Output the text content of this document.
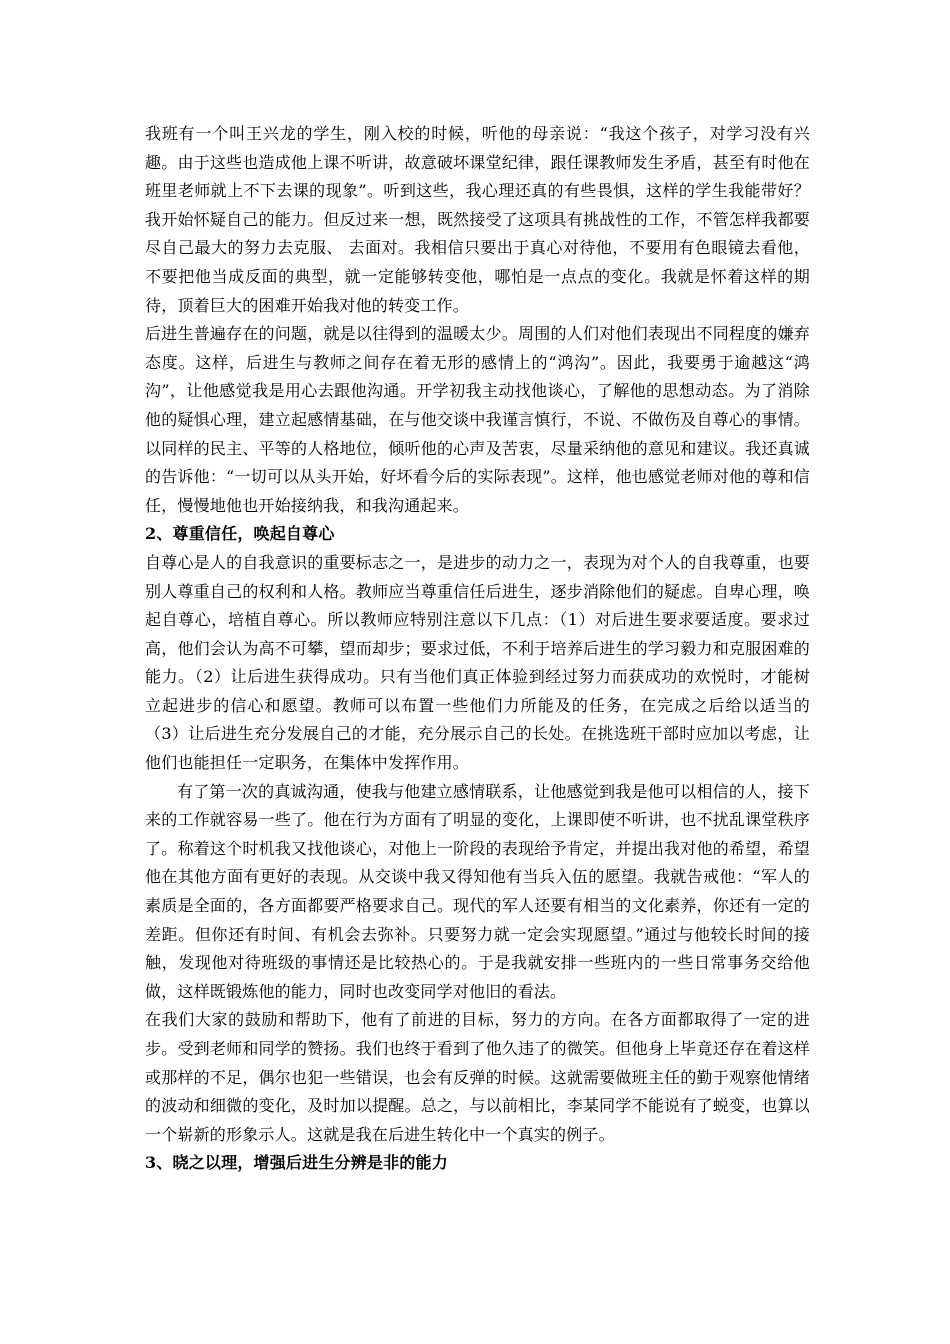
我班有一个叫王兴龙的学生，刚入校的时候，听他的母亲说：“我这个孩子，对学习没有兴趣。由于这些也造成他上课不听讲，故意破坏课堂纪律，跟任课教师发生矛盾，甚至有时他在班里老师就上不下去课的现象”。听到这些，我心理还真的有些畏惧，这样的学生我能带好？我开始怀疑自己的能力。但反过来一想，既然接受了这项具有挑战性的工作，不管怎样我都要尽自己最大的努力去克服、 去面对。我相信只要出于真心对待他，不要用有色眼镜去看他，不要把他当成反面的典型，就一定能够转变他，哪怕是一点点的变化。我就是怀着这样的期待，顶着巨大的困难开始我对他的转变工作。

后进生普遍存在的问题，就是以往得到的温暖太少。周围的人们对他们表现出不同程度的嫌弃态度。这样，后进生与教师之间存在着无形的感情上的“鸿沟”。因此，我要勇于逾越这“鸿沟”，让他感觉我是用心去跟他沟通。开学初我主动找他谈心，了解他的思想动态。为了消除他的疑惧心理，建立起感情基础，在与他交谈中我谨言慎行，不说、不做伤及自尊心的事情。以同样的民主、平等的人格地位，倾听他的心声及苦衷，尽量采纳他的意见和建议。我还真诚的告诉他：“一切可以从头开始，好坏看今后的实际表现”。这样，他也感觉老师对他的尊和信任，慢慢地他也开始接纳我，和我沟通起来。

2、尊重信任，唤起自尊心

自尊心是人的自我意识的重要标志之一，是进步的动力之一，表现为对个人的自我尊重，也要别人尊重自己的权利和人格。教师应当尊重信任后进生，逐步消除他们的疑虑。自卑心理，唤起自尊心，培植自尊心。所以教师应特别注意以下几点：（1）对后进生要求要适度。要求过高，他们会认为高不可攀，望而却步；要求过低，不利于培养后进生的学习毅力和克服困难的能力。（2）让后进生获得成功。只有当他们真正体验到经过努力而获成功的欢悦时，才能树立起进步的信心和愿望。教师可以布置一些他们力所能及的任务，在完成之后给以适当的（3）让后进生充分发展自己的才能，充分展示自己的长处。在挑选班干部时应加以考虑，让他们也能担任一定职务，在集体中发挥作用。

有了第一次的真诚沟通，使我与他建立感情联系，让他感觉到我是他可以相信的人，接下来的工作就容易一些了。他在行为方面有了明显的变化，上课即使不听讲，也不扰乱课堂秩序了。称着这个时机我又找他谈心，对他上一阶段的表现给予肯定，并提出我对他的希望，希望他在其他方面有更好的表现。从交谈中我又得知他有当兵入伍的愿望。我就告戒他：“军人的素质是全面的，各方面都要严格要求自己。现代的军人还要有相当的文化素养，你还有一定的差距。但你还有时间、有机会去弥补。只要努力就一定会实现愿望。”通过与他较长时间的接触，发现他对待班级的事情还是比较热心的。于是我就安排一些班内的一些日常事务交给他做，这样既锻炼他的能力，同时也改变同学对他旧的看法。

在我们大家的鼓励和帮助下，他有了前进的目标，努力的方向。在各方面都取得了一定的进步。受到老师和同学的赞扬。我们也终于看到了他久违了的微笑。但他身上毕竟还存在着这样或那样的不足，偶尔也犯一些错误，也会有反弹的时候。这就需要做班主任的勤于观察他情绪的波动和细微的变化，及时加以提醒。总之，与以前相比，李某同学不能说有了蜕变，也算以一个崭新的形象示人。这就是我在后进生转化中一个真实的例子。

3、晓之以理，增强后进生分辨是非的能力
